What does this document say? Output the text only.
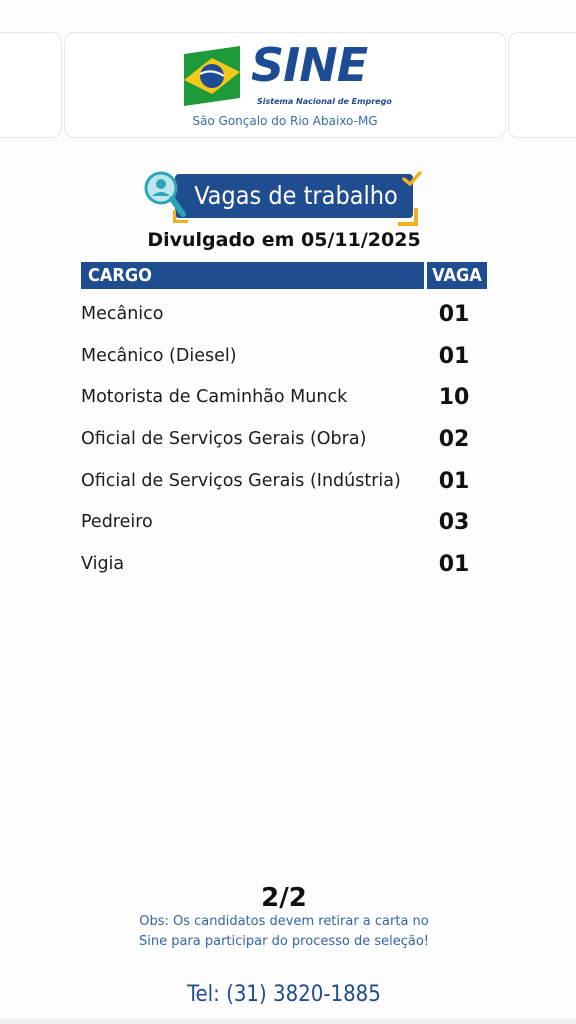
SINE
Sistema Nacional de Emprego
São Gonçalo do Rio Abaixo-MG
Vagas de trabalho
Divulgado em 05/11/2025
CARGO	VAGA
Mecânico	01
Mecânico (Diesel)	01
Motorista de Caminhão Munck	10
Oficial de Serviços Gerais (Obra)	02
Oficial de Serviços Gerais (Indústria)	01
Pedreiro	03
Vigia	01
2/2
Obs: Os candidatos devem retirar a carta no
Sine para participar do processo de seleção!
Tel: (31) 3820-1885
